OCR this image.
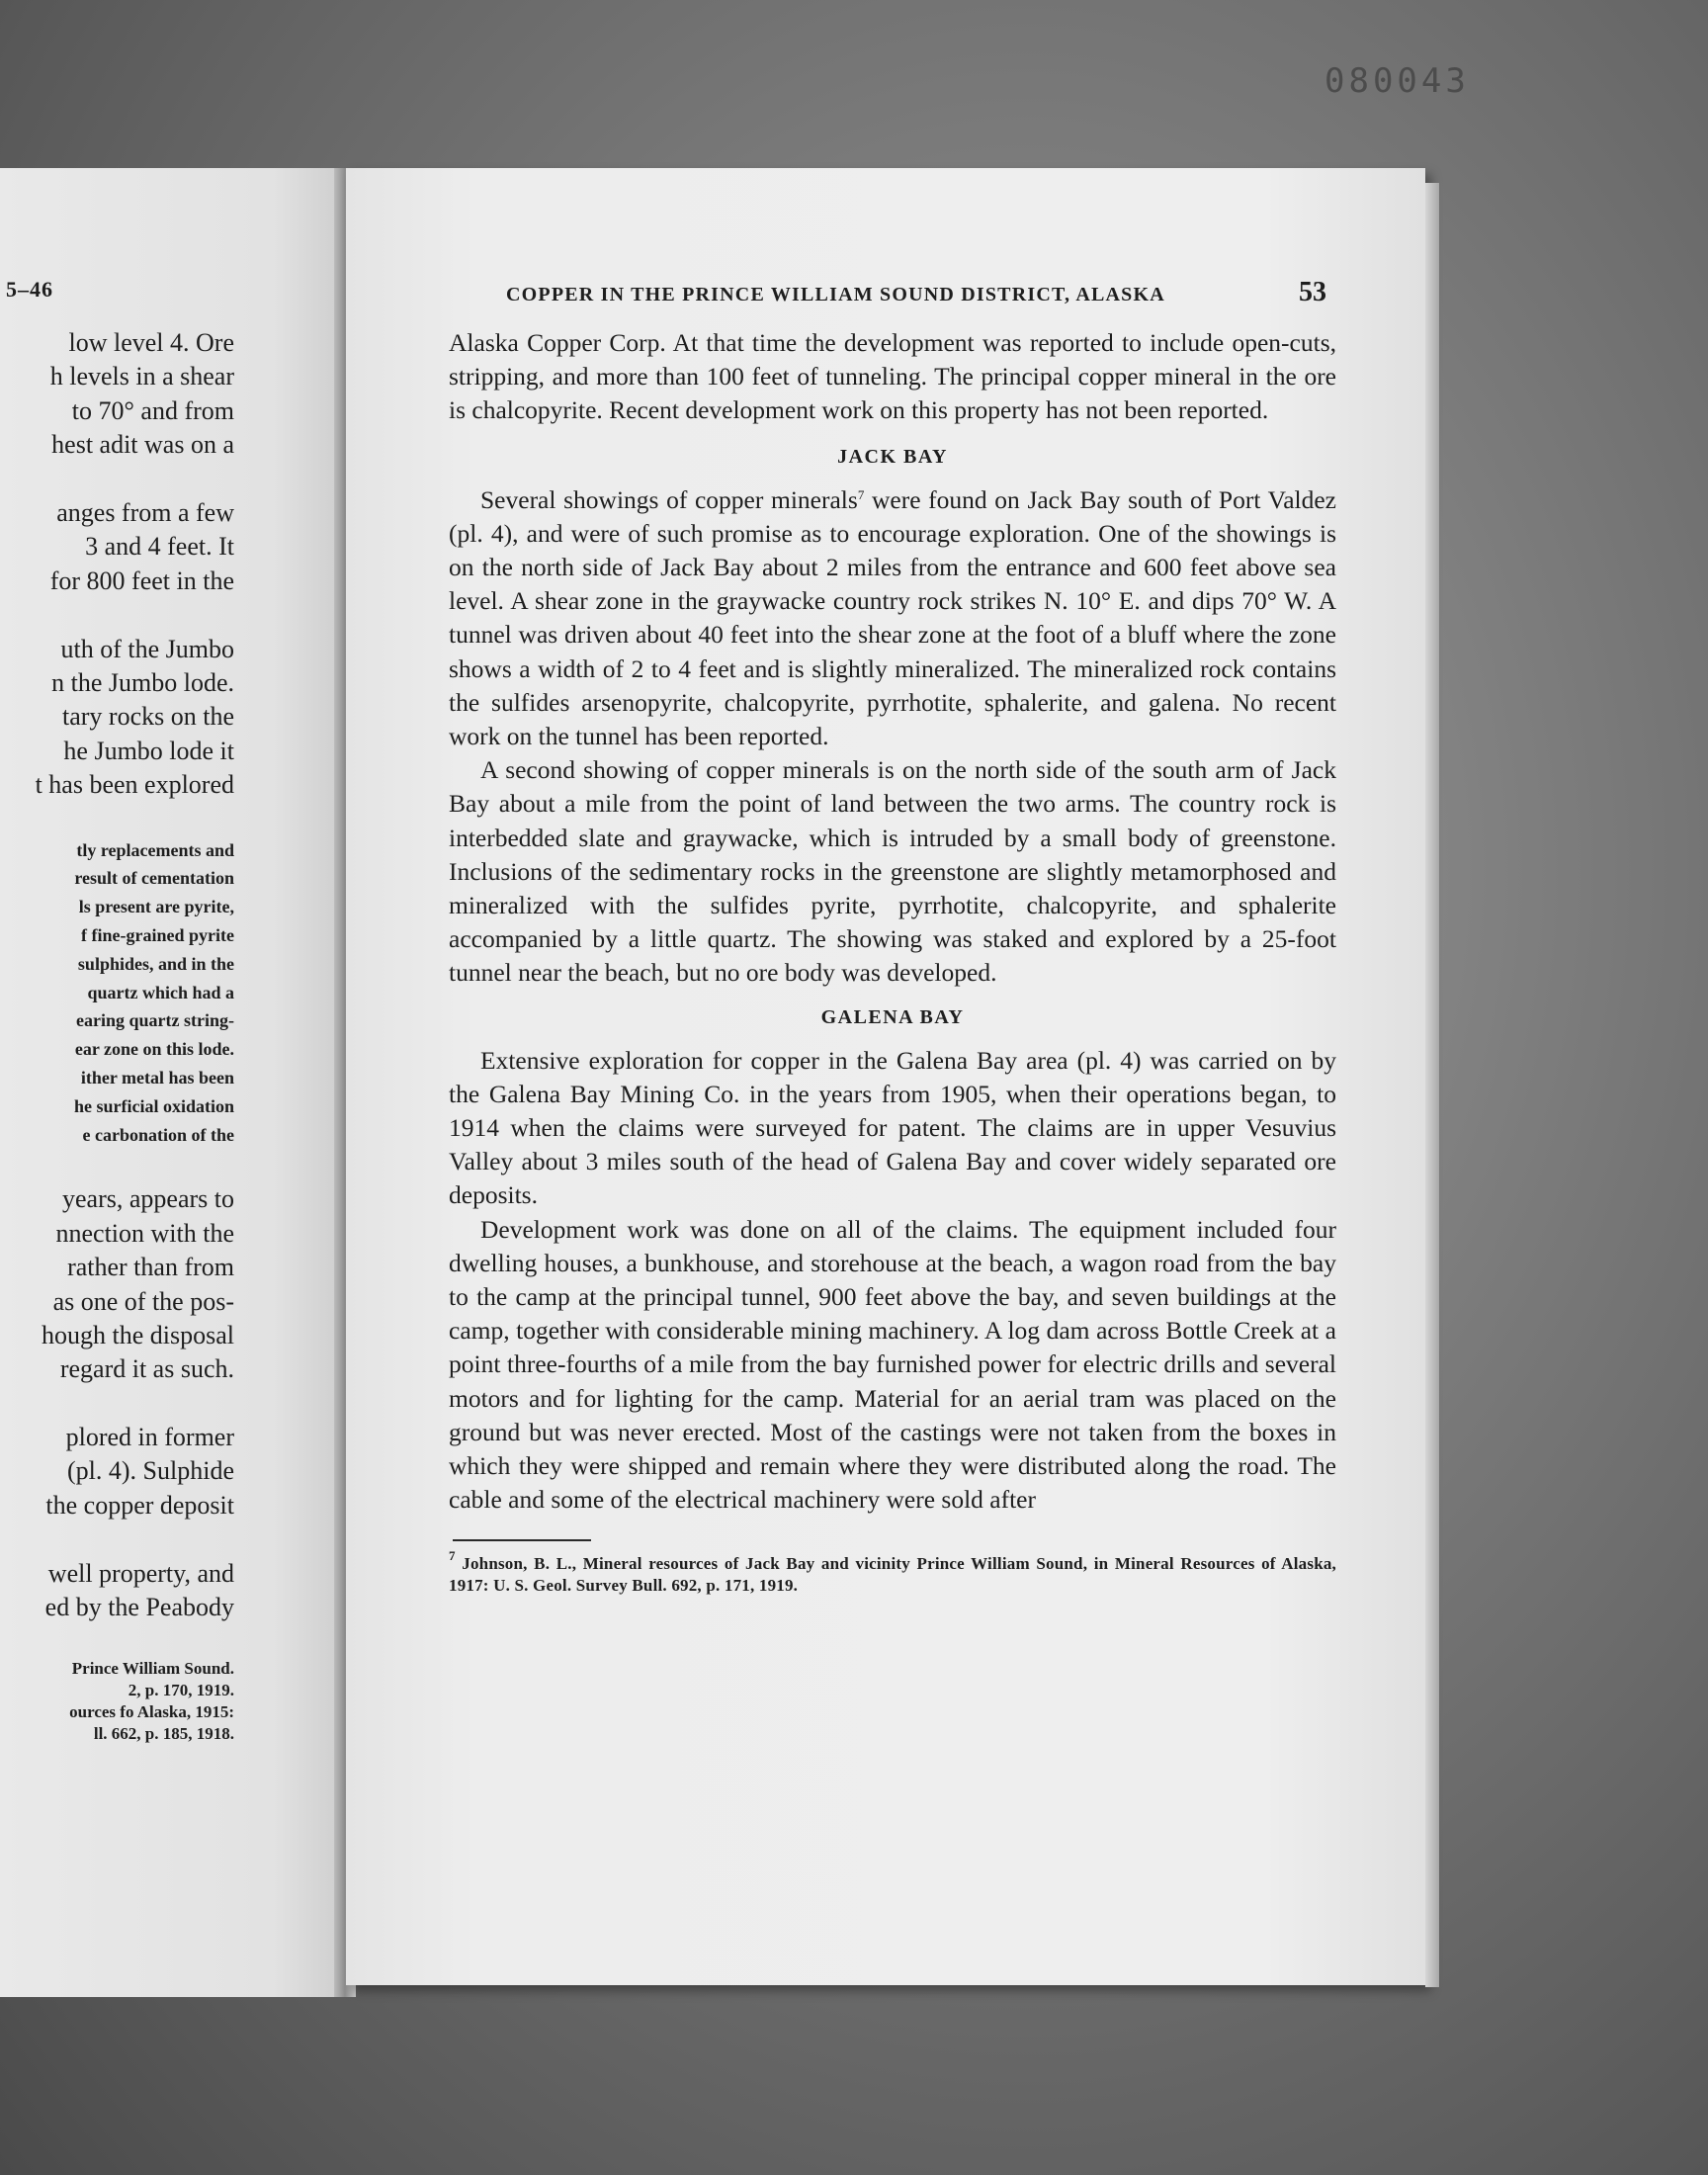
080043
5–46
low level 4. Ore
h levels in a shear
to 70° and from
hest adit was on a

anges from a few
3 and 4 feet. It
for 800 feet in the

uth of the Jumbo
n the Jumbo lode.
tary rocks on the
he Jumbo lode it
t has been explored
tly replacements and
result of cementation
ls present are pyrite,
f fine-grained pyrite
sulphides, and in the
quartz which had a
earing quartz string-
ear zone on this lode.
ither metal has been
he surficial oxidation
e carbonation of the
years, appears to
nnection with the
rather than from
as one of the pos-
hough the disposal
regard it as such.
plored in former
(pl. 4). Sulphide
the copper deposit

well property, and
ed by the Peabody
Prince William Sound.
2, p. 170, 1919.
ources fo Alaska, 1915:
ll. 662, p. 185, 1918.
COPPER IN THE PRINCE WILLIAM SOUND DISTRICT, ALASKA	53

Alaska Copper Corp. At that time the development was reported to include open-cuts, stripping, and more than 100 feet of tunneling. The principal copper mineral in the ore is chalcopyrite. Recent development work on this property has not been reported.

JACK BAY

Several showings of copper minerals$^7$ were found on Jack Bay south of Port Valdez (pl. 4), and were of such promise as to encourage exploration. One of the showings is on the north side of Jack Bay about 2 miles from the entrance and 600 feet above sea level. A shear zone in the graywacke country rock strikes N. 10° E. and dips 70° W. A tunnel was driven about 40 feet into the shear zone at the foot of a bluff where the zone shows a width of 2 to 4 feet and is slightly mineralized. The mineralized rock contains the sulfides arsenopyrite, chalcopyrite, pyrrhotite, sphalerite, and galena. No recent work on the tunnel has been reported.

A second showing of copper minerals is on the north side of the south arm of Jack Bay about a mile from the point of land between the two arms. The country rock is interbedded slate and graywacke, which is intruded by a small body of greenstone. Inclusions of the sedimentary rocks in the greenstone are slightly metamorphosed and mineralized with the sulfides pyrite, pyrrhotite, chalcopyrite, and sphalerite accompanied by a little quartz. The showing was staked and explored by a 25-foot tunnel near the beach, but no ore body was developed.

GALENA BAY

Extensive exploration for copper in the Galena Bay area (pl. 4) was carried on by the Galena Bay Mining Co. in the years from 1905, when their operations began, to 1914 when the claims were surveyed for patent. The claims are in upper Vesuvius Valley about 3 miles south of the head of Galena Bay and cover widely separated ore deposits.

Development work was done on all of the claims. The equipment included four dwelling houses, a bunkhouse, and storehouse at the beach, a wagon road from the bay to the camp at the principal tunnel, 900 feet above the bay, and seven buildings at the camp, together with considerable mining machinery. A log dam across Bottle Creek at a point three-fourths of a mile from the bay furnished power for electric drills and several motors and for lighting for the camp. Material for an aerial tram was placed on the ground but was never erected. Most of the castings were not taken from the boxes in which they were shipped and remain where they were distributed along the road. The cable and some of the electrical machinery were sold after

$^7$ Johnson, B. L., Mineral resources of Jack Bay and vicinity Prince William Sound, in Mineral Resources of Alaska, 1917: U. S. Geol. Survey Bull. 692, p. 171, 1919.
